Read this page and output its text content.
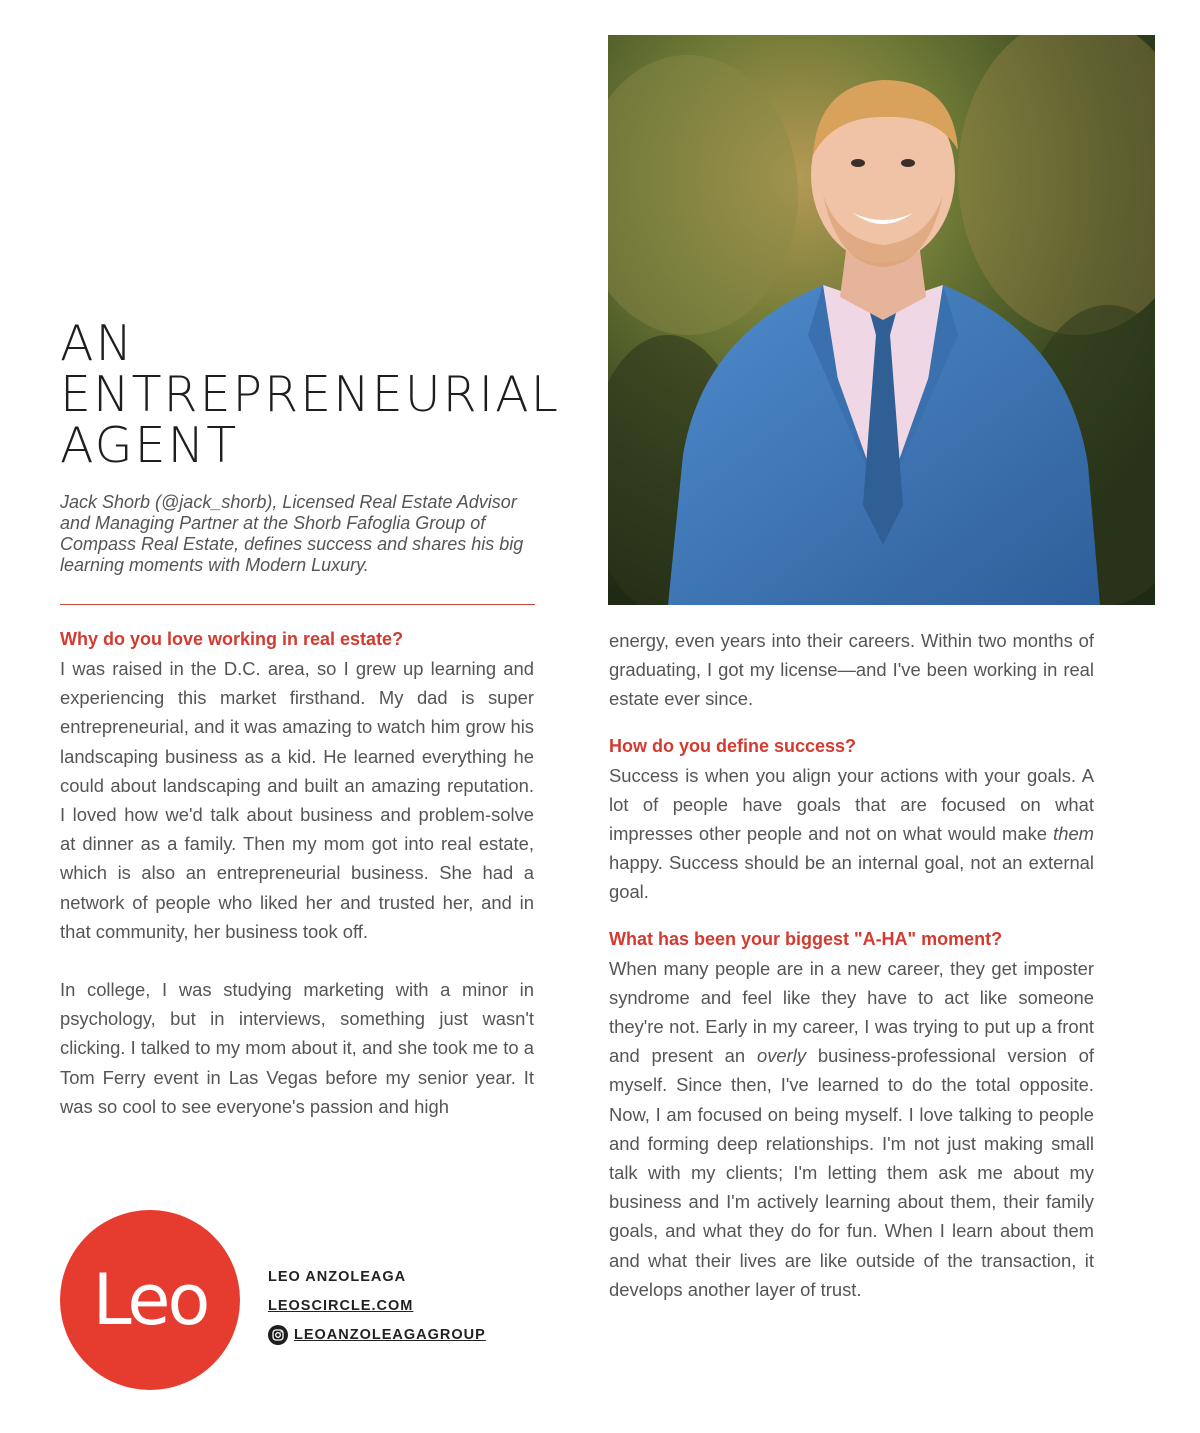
AN
ENTREPRENEURIAL
AGENT

Jack Shorb (@jack_shorb), Licensed Real Estate Advisor and Managing Partner at the Shorb Fafoglia Group of Compass Real Estate, defines success and shares his big learning moments with Modern Luxury.

Why do you love working in real estate?

I was raised in the D.C. area, so I grew up learning and experiencing this market firsthand. My dad is super entrepreneurial, and it was amazing to watch him grow his landscaping business as a kid. He learned everything he could about landscaping and built an amazing reputation. I loved how we'd talk about business and problem-solve at dinner as a family. Then my mom got into real estate, which is also an entrepreneurial business. She had a network of people who liked her and trusted her, and in that community, her business took off.

In college, I was studying marketing with a minor in psychology, but in interviews, something just wasn't clicking. I talked to my mom about it, and she took me to a Tom Ferry event in Las Vegas before my senior year. It was so cool to see everyone's passion and high

energy, even years into their careers. Within two months of graduating, I got my license—and I've been working in real estate ever since.

How do you define success?

Success is when you align your actions with your goals. A lot of people have goals that are focused on what impresses other people and not on what would make them happy. Success should be an internal goal, not an external goal.

What has been your biggest "A-HA" moment?

When many people are in a new career, they get imposter syndrome and feel like they have to act like someone they're not. Early in my career, I was trying to put up a front and present an overly business-professional version of myself. Since then, I've learned to do the total opposite. Now, I am focused on being myself. I love talking to people and forming deep relationships. I'm not just making small talk with my clients; I'm letting them ask me about my business and I'm actively learning about them, their family goals, and what they do for fun. When I learn about them and what their lives are like outside of the transaction, it develops another layer of trust.

Leo	LEO ANZOLEAGA
LEOSCIRCLE.COM
LEOANZOLEAGAGROUP
